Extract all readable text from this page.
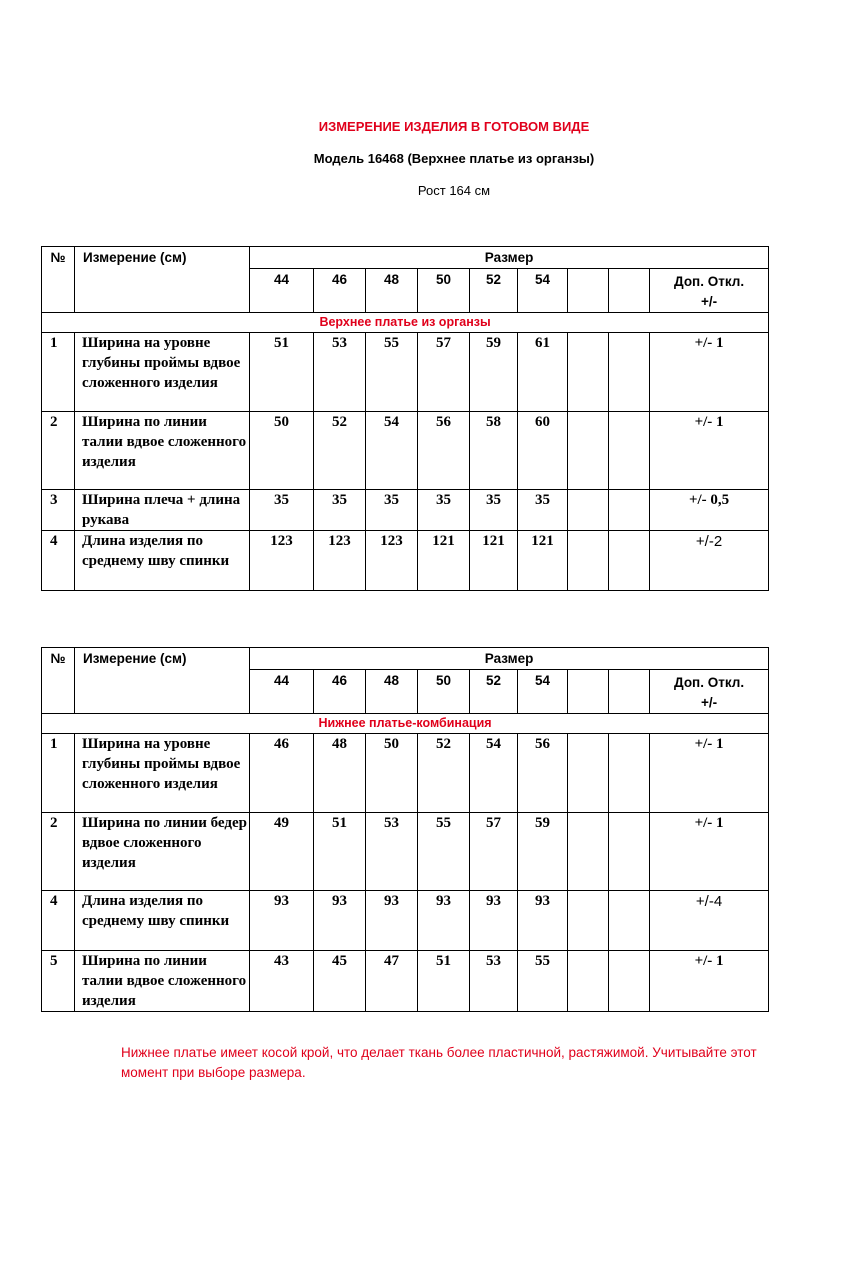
ИЗМЕРЕНИЕ ИЗДЕЛИЯ В ГОТОВОМ ВИДЕ
Модель 16468 (Верхнее платье из органзы)
Рост 164 см
№	Измерение (см)	Размер								
		44	46	48	50	52	54			Доп. Откл. +/-
Верхнее платье из органзы										
1	Ширина на уровне глубины проймы вдвое сложенного изделия	51	53	55	57	59	61			+/- 1
2	Ширина по линии талии вдвое сложенного изделия	50	52	54	56	58	60			+/- 1
3	Ширина плеча + длина рукава	35	35	35	35	35	35			+/- 0,5
4	Длина изделия по среднему шву спинки	123	123	123	121	121	121			+/-2
№	Измерение (см)	Размер								
		44	46	48	50	52	54			Доп. Откл. +/-
Нижнее платье-комбинация										
1	Ширина на уровне глубины проймы вдвое сложенного изделия	46	48	50	52	54	56			+/- 1
2	Ширина по линии бедер вдвое сложенного изделия	49	51	53	55	57	59			+/- 1
4	Длина изделия по среднему шву спинки	93	93	93	93	93	93			+/-4
5	Ширина по линии талии вдвое сложенного изделия	43	45	47	51	53	55			+/- 1
Нижнее платье имеет косой крой, что делает ткань более пластичной, растяжимой. Учитывайте этот момент при выборе размера.
